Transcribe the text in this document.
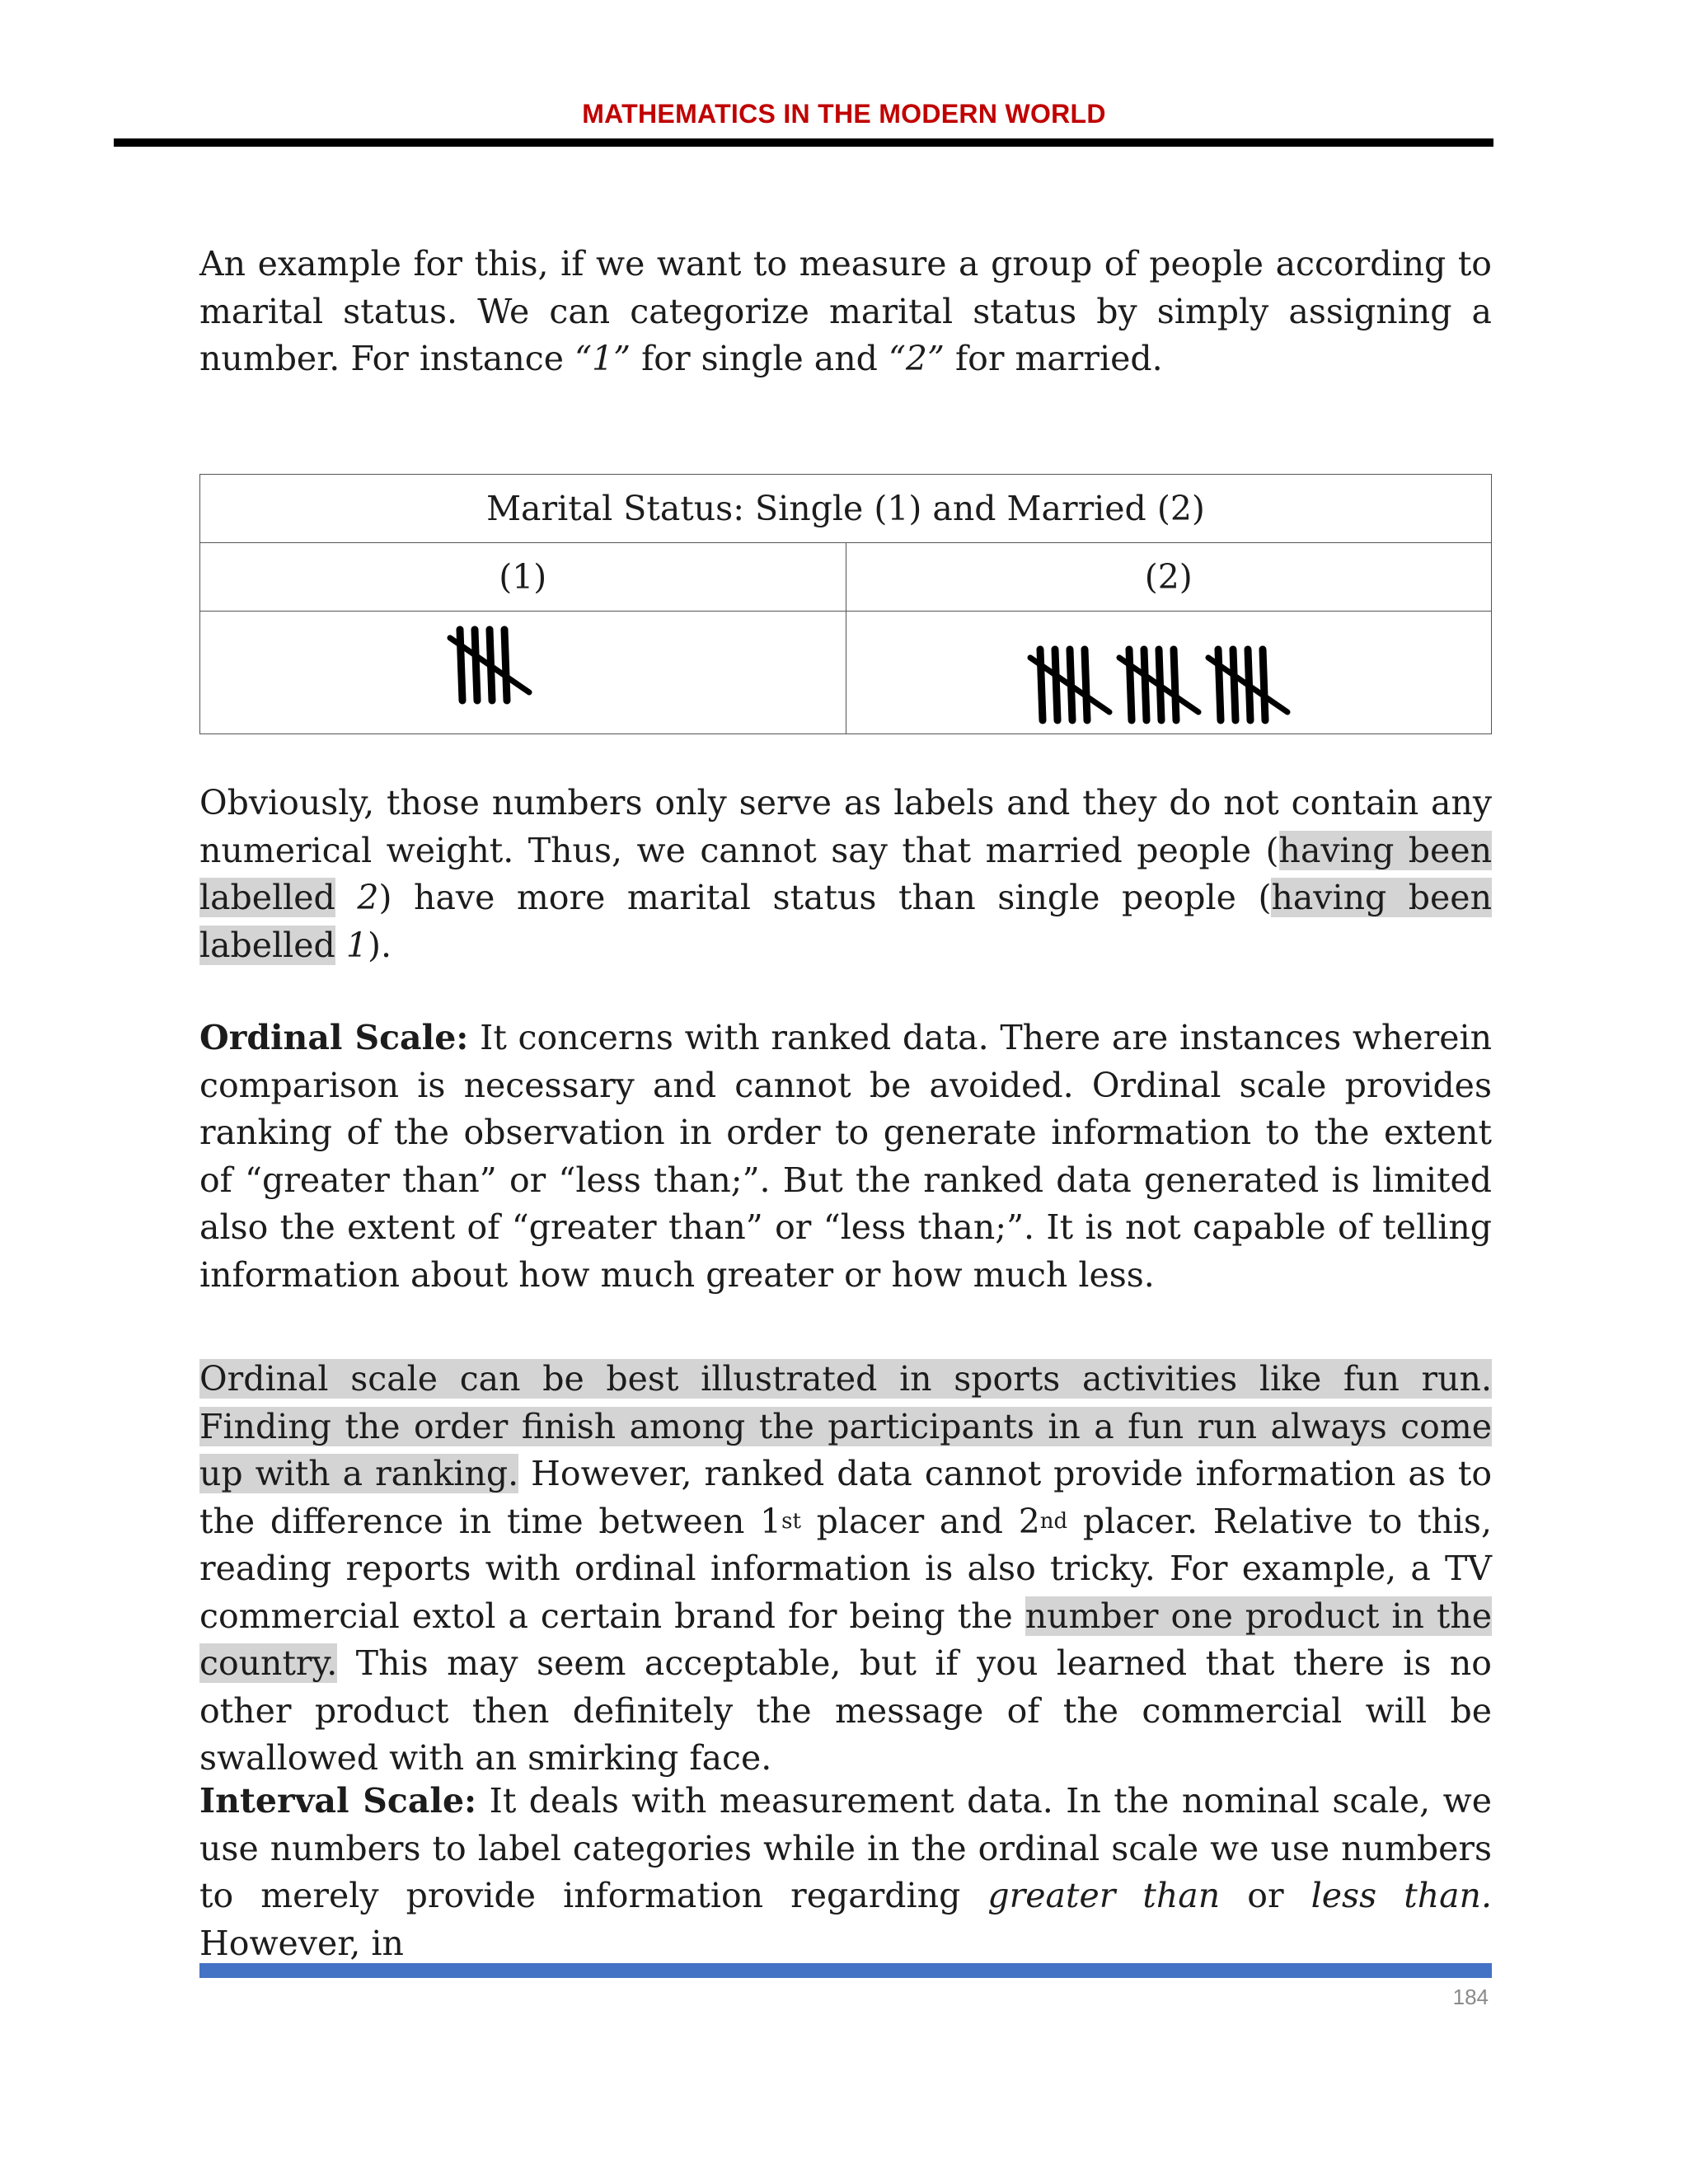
MATHEMATICS IN THE MODERN WORLD

An example for this, if we want to measure a group of people according to marital status. We can categorize marital status by simply assigning a number. For instance “1” for single and “2” for married.

Marital Status: Single (1) and Married (2)	
(1)	(2)

Obviously, those numbers only serve as labels and they do not contain any numerical weight. Thus, we cannot say that married people (having been labelled 2) have more marital status than single people (having been labelled 1).

Ordinal Scale: It concerns with ranked data. There are instances wherein comparison is necessary and cannot be avoided. Ordinal scale provides ranking of the observation in order to generate information to the extent of “greater than” or “less than;”. But the ranked data generated is limited also the extent of “greater than” or “less than;”. It is not capable of telling information about how much greater or how much less.

Ordinal scale can be best illustrated in sports activities like fun run. Finding the order finish among the participants in a fun run always come up with a ranking. However, ranked data cannot provide information as to the difference in time between 1st placer and 2nd placer. Relative to this, reading reports with ordinal information is also tricky. For example, a TV commercial extol a certain brand for being the number one product in the country. This may seem acceptable, but if you learned that there is no other product then definitely the message of the commercial will be swallowed with an smirking face.

Interval Scale: It deals with measurement data. In the nominal scale, we use numbers to label categories while in the ordinal scale we use numbers to merely provide information regarding greater than or less than. However, in

184
